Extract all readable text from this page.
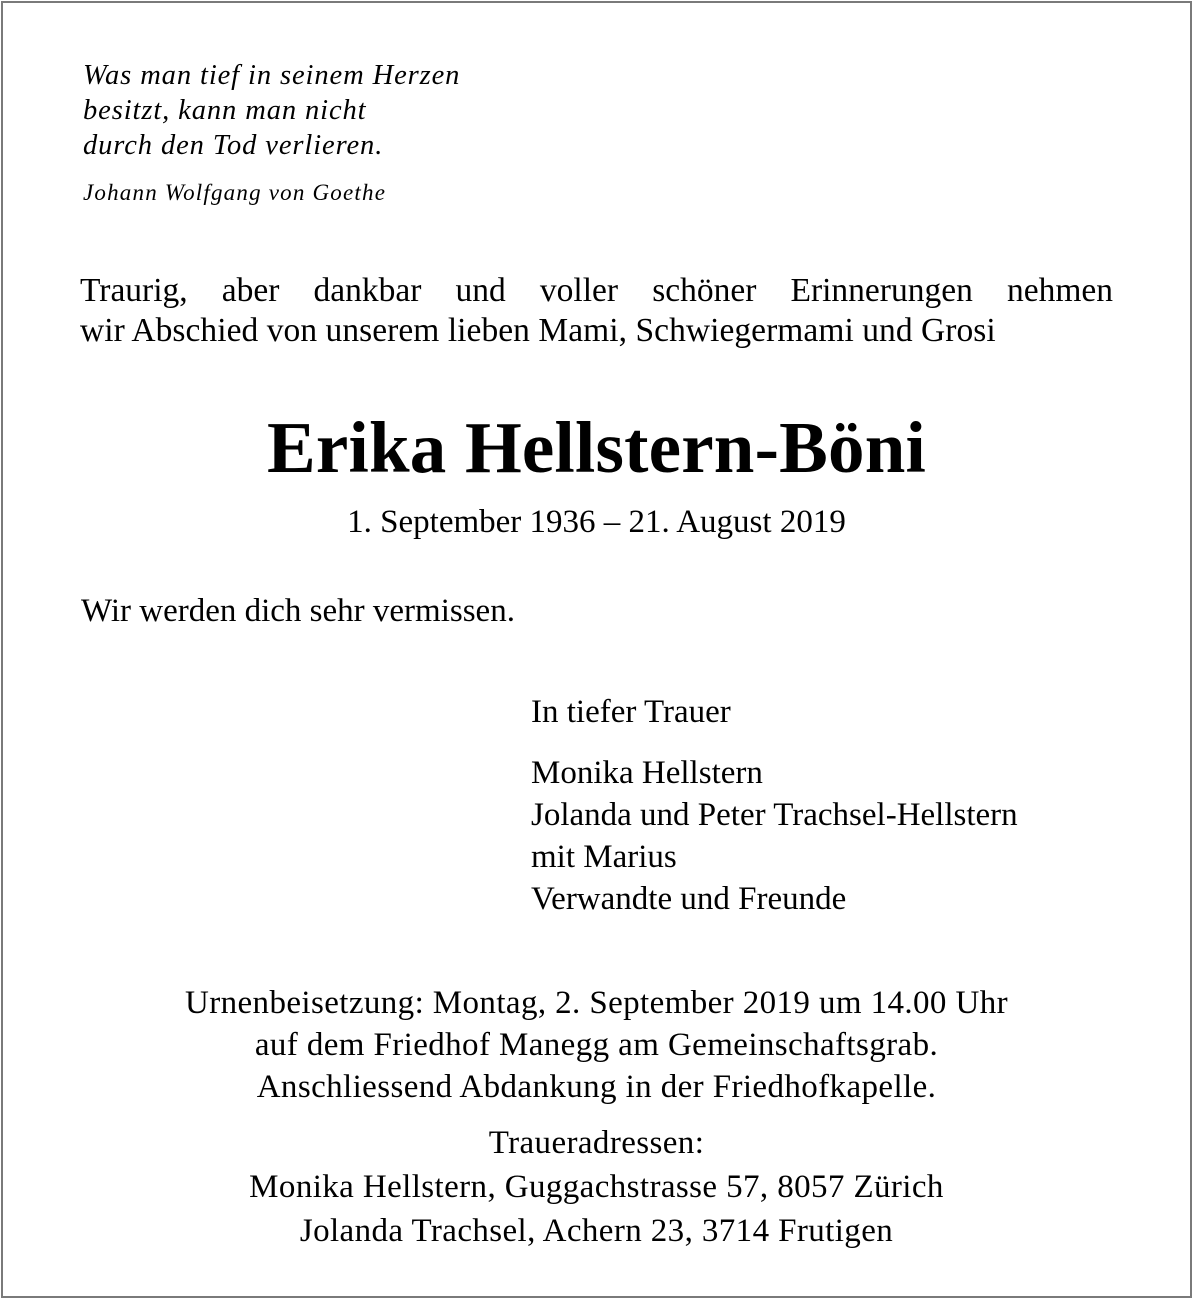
Was man tief in seinem Herzen
besitzt, kann man nicht
durch den Tod verlieren.
Johann Wolfgang von Goethe
Traurig, aber dankbar und voller schöner Erinnerungen nehmen
wir Abschied von unserem lieben Mami, Schwiegermami und Grosi
Erika Hellstern-Böni
1. September 1936 – 21. August 2019
Wir werden dich sehr vermissen.
In tiefer Trauer
Monika Hellstern
Jolanda und Peter Trachsel-Hellstern
mit Marius
Verwandte und Freunde
Urnenbeisetzung: Montag, 2. September 2019 um 14.00 Uhr
auf dem Friedhof Manegg am Gemeinschaftsgrab.
Anschliessend Abdankung in der Friedhofkapelle.
Traueradressen:
Monika Hellstern, Guggachstrasse 57, 8057 Zürich
Jolanda Trachsel, Achern 23, 3714 Frutigen
